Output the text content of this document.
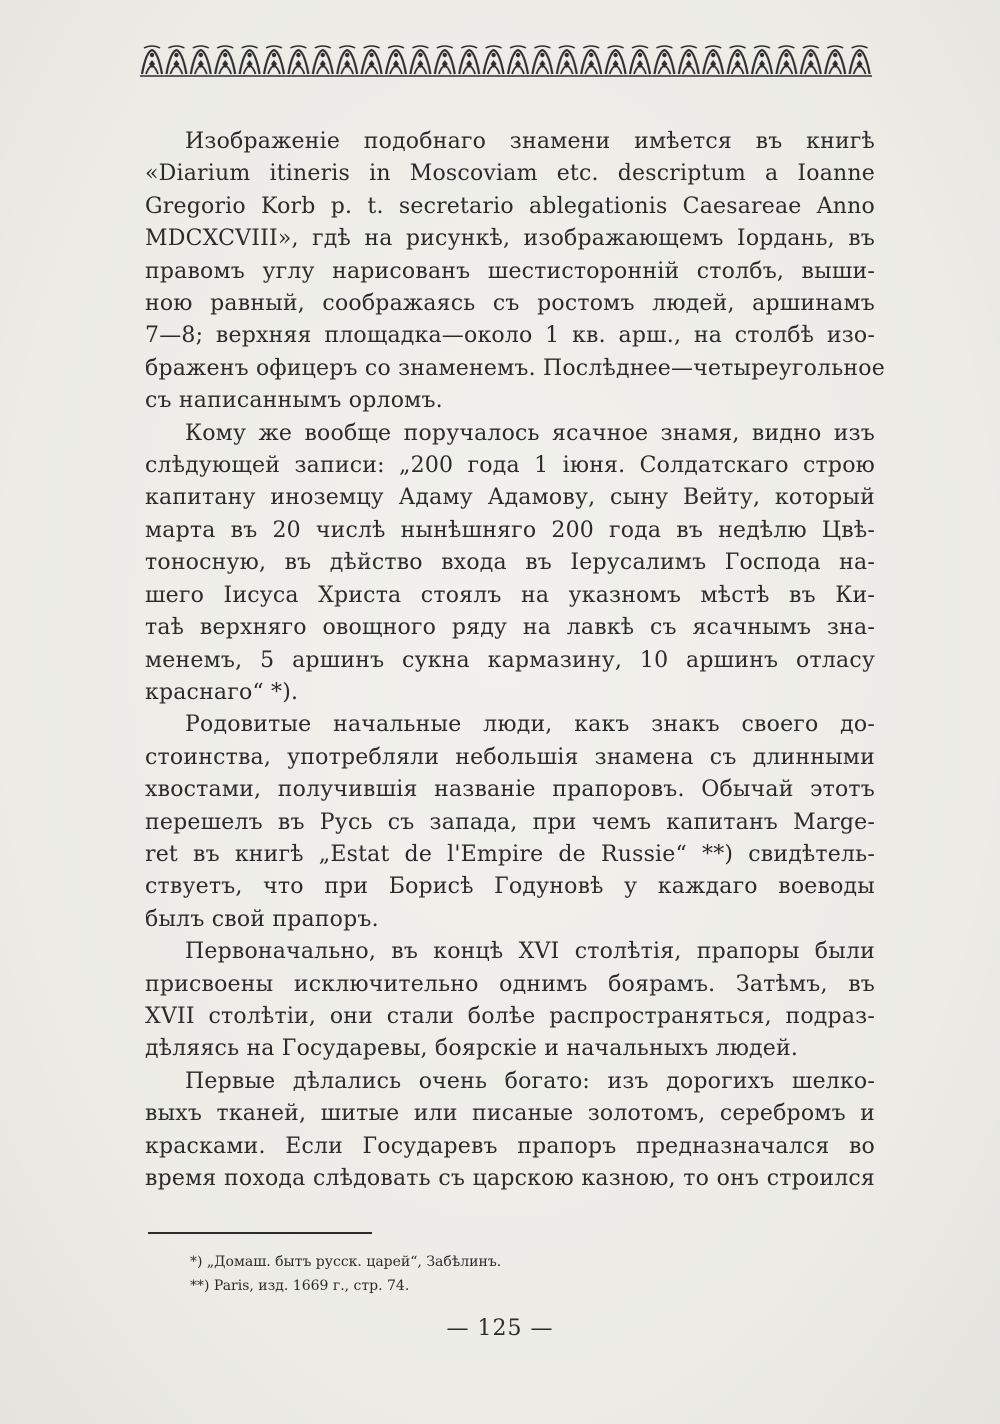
Изображеніе подобнаго знамени имѣется въ книгѣ
«Diarium itineris in Moscoviam etc. descriptum a Ioanne
Gregorio Korb p. t. secretario ablegationis Caesareae Anno
MDCXCVIII», гдѣ на рисункѣ, изображающемъ Іордань, въ
правомъ углу нарисованъ шестисторонній столбъ, выши-
ною равный, соображаясь съ ростомъ людей, аршинамъ
7—8; верхняя площадка—около 1 кв. арш., на столбѣ изо-
браженъ офицеръ со знаменемъ. Послѣднее—четыреугольное
съ написаннымъ орломъ.

Кому же вообще поручалось ясачное знамя, видно изъ
слѣдующей записи: „200 года 1 іюня. Солдатскаго строю
капитану иноземцу Адаму Адамову, сыну Вейту, который
марта въ 20 числѣ нынѣшняго 200 года въ недѣлю Цвѣ-
тоносную, въ дѣйство входа въ Іерусалимъ Господа на-
шего Іисуса Христа стоялъ на указномъ мѣстѣ въ Ки-
таѣ верхняго овощного ряду на лавкѣ съ ясачнымъ зна-
менемъ, 5 аршинъ сукна кармазину, 10 аршинъ отласу
краснаго“ *).

Родовитые начальные люди, какъ знакъ своего до-
стоинства, употребляли небольшія знамена съ длинными
хвостами, получившія названіе прапоровъ. Обычай этотъ
перешелъ въ Русь съ запада, при чемъ капитанъ Marge-
ret въ книгѣ „Estat de l'Empire de Russie“ **) свидѣтель-
ствуетъ, что при Борисѣ Годуновѣ у каждагo воеводы
былъ свой прапоръ.

Первоначально, въ концѣ XVI столѣтія, прапоры были
присвоены исключительно однимъ боярамъ. Затѣмъ, въ
XVII столѣтіи, они стали болѣе распространяться, подраз-
дѣляясь на Государевы, боярскіе и начальныхъ людей.

Первые дѣлались очень богато: изъ дорогихъ шелко-
выхъ тканей, шитые или писаные золотомъ, серебромъ и
красками. Если Государевъ прапоръ предназначался во
время похода слѣдовать съ царскою казною, то онъ строился

*) „Домаш. бытъ русск. царей“, Забѣлинъ.
**) Paris, изд. 1669 г., стр. 74.
— 125 —
